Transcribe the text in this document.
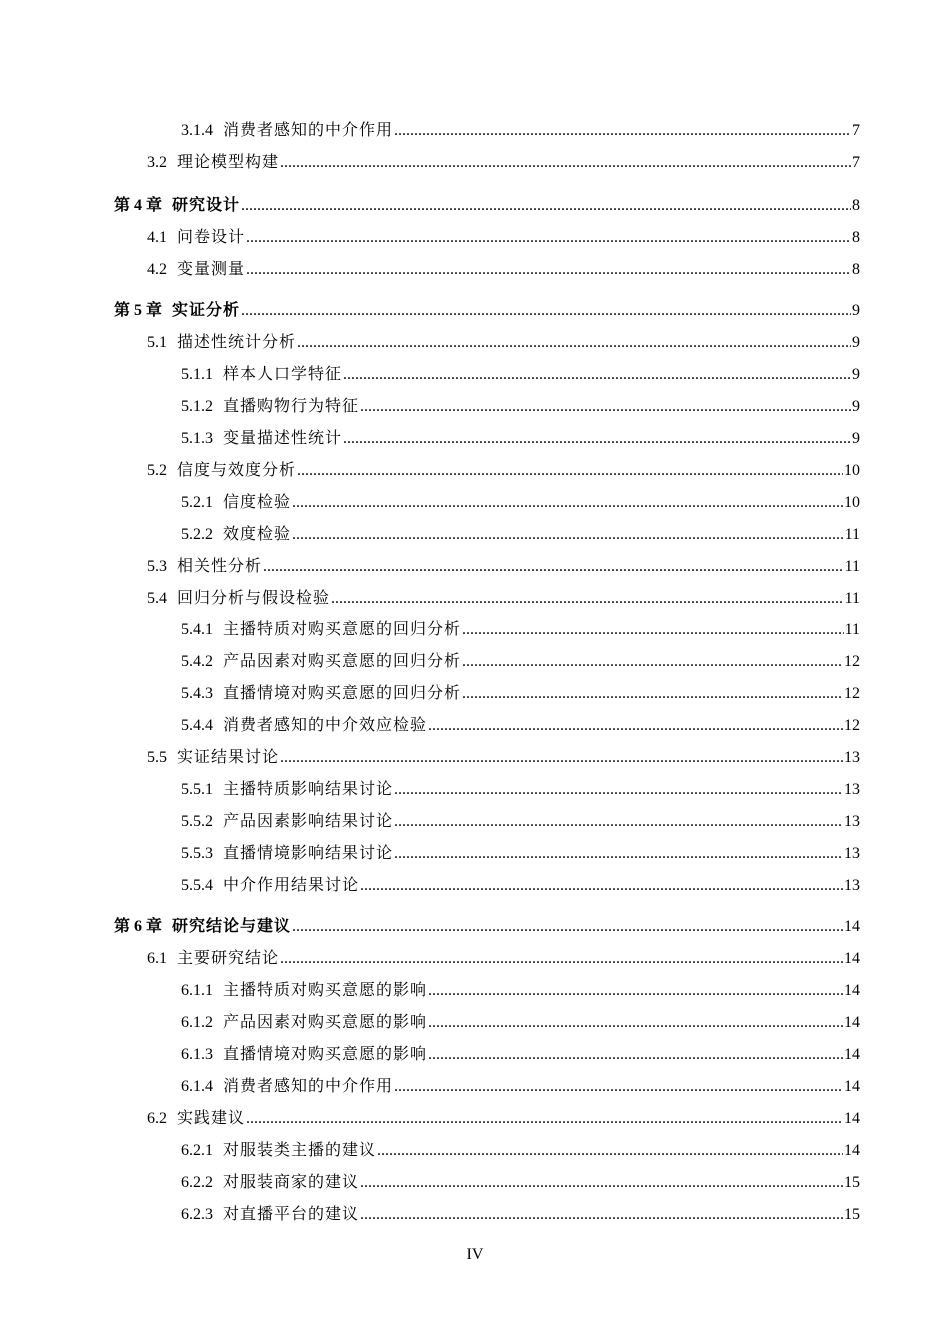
3.1.4 消费者感知的中介作用 .....	7
3.2 理论模型构建 .....	7
第 4 章 研究设计 .....	8
4.1 问卷设计 .....	8
4.2 变量测量 .....	8
第 5 章 实证分析 .....	9
5.1 描述性统计分析 .....	9
5.1.1 样本人口学特征 .....	9
5.1.2 直播购物行为特征 .....	9
5.1.3 变量描述性统计 .....	9
5.2 信度与效度分析 .....	10
5.2.1 信度检验 .....	10
5.2.2 效度检验 .....	11
5.3 相关性分析 .....	11
5.4 回归分析与假设检验 .....	11
5.4.1 主播特质对购买意愿的回归分析 .....	11
5.4.2 产品因素对购买意愿的回归分析 .....	12
5.4.3 直播情境对购买意愿的回归分析 .....	12
5.4.4 消费者感知的中介效应检验 .....	12
5.5 实证结果讨论 .....	13
5.5.1 主播特质影响结果讨论 .....	13
5.5.2 产品因素影响结果讨论 .....	13
5.5.3 直播情境影响结果讨论 .....	13
5.5.4 中介作用结果讨论 .....	13
第 6 章 研究结论与建议 .....	14
6.1 主要研究结论 .....	14
6.1.1 主播特质对购买意愿的影响 .....	14
6.1.2 产品因素对购买意愿的影响 .....	14
6.1.3 直播情境对购买意愿的影响 .....	14
6.1.4 消费者感知的中介作用 .....	14
6.2 实践建议 .....	14
6.2.1 对服装类主播的建议 .....	14
6.2.2 对服装商家的建议 .....	15
6.2.3 对直播平台的建议 .....	15
IV
